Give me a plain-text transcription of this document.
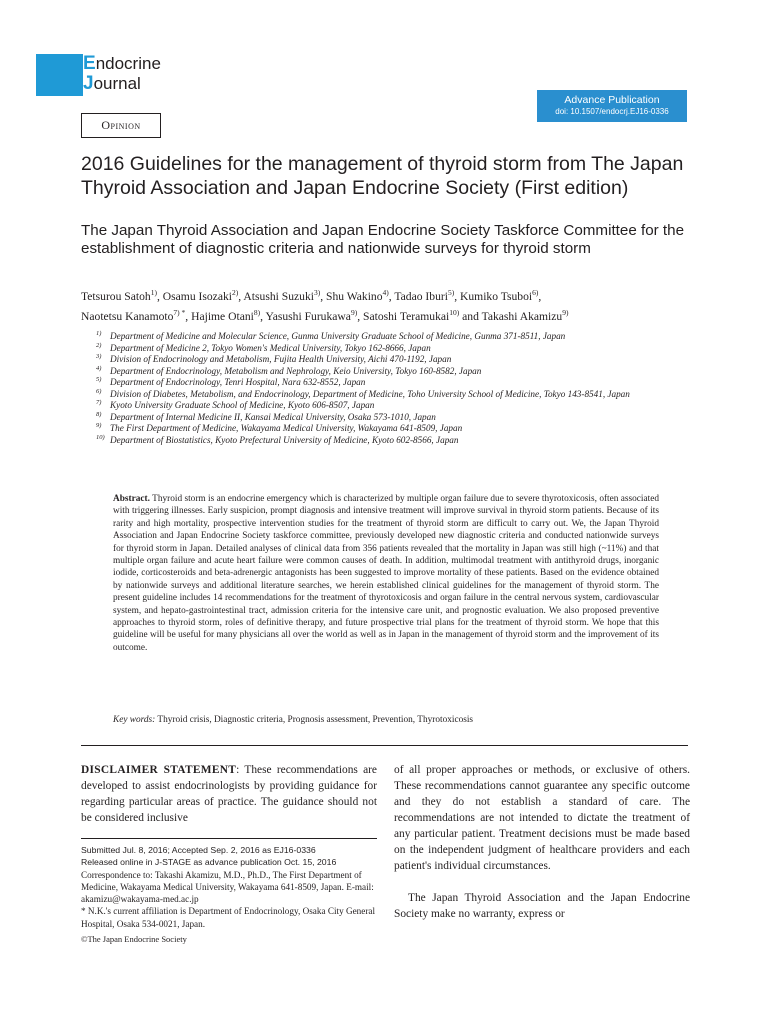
Endocrine
Journal
Advance Publication
doi: 10.1507/endocrj.EJ16-0336
Opinion
2016 Guidelines for the management of thyroid storm from The Japan Thyroid Association and Japan Endocrine Society (First edition)
The Japan Thyroid Association and Japan Endocrine Society Taskforce Committee for the establishment of diagnostic criteria and nationwide surveys for thyroid storm
Tetsurou Satoh$^{1)}$, Osamu Isozaki$^{2)}$, Atsushi Suzuki$^{3)}$, Shu Wakino$^{4)}$, Tadao Iburi$^{5)}$, Kumiko Tsuboi$^{6)}$,
Naotetsu Kanamoto$^{7) *}$, Hajime Otani$^{8)}$, Yasushi Furukawa$^{9)}$, Satoshi Teramukai$^{10)}$ and Takashi Akamizu$^{9)}$
1) Department of Medicine and Molecular Science, Gunma University Graduate School of Medicine, Gunma 371-8511, Japan
2) Department of Medicine 2, Tokyo Women's Medical University, Tokyo 162-8666, Japan
3) Division of Endocrinology and Metabolism, Fujita Health University, Aichi 470-1192, Japan
4) Department of Endocrinology, Metabolism and Nephrology, Keio University, Tokyo 160-8582, Japan
5) Department of Endocrinology, Tenri Hospital, Nara 632-8552, Japan
6) Division of Diabetes, Metabolism, and Endocrinology, Department of Medicine, Toho University School of Medicine, Tokyo 143-8541, Japan
7) Kyoto University Graduate School of Medicine, Kyoto 606-8507, Japan
8) Department of Internal Medicine II, Kansai Medical University, Osaka 573-1010, Japan
9) The First Department of Medicine, Wakayama Medical University, Wakayama 641-8509, Japan
10) Department of Biostatistics, Kyoto Prefectural University of Medicine, Kyoto 602-8566, Japan
Abstract. Thyroid storm is an endocrine emergency which is characterized by multiple organ failure due to severe thyrotoxicosis, often associated with triggering illnesses. Early suspicion, prompt diagnosis and intensive treatment will improve survival in thyroid storm patients. Because of its rarity and high mortality, prospective intervention studies for the treatment of thyroid storm are difficult to carry out. We, the Japan Thyroid Association and Japan Endocrine Society taskforce committee, previously developed new diagnostic criteria and conducted nationwide surveys for thyroid storm in Japan. Detailed analyses of clinical data from 356 patients revealed that the mortality in Japan was still high (~11%) and that multiple organ failure and acute heart failure were common causes of death. In addition, multimodal treatment with antithyroid drugs, inorganic iodide, corticosteroids and beta-adrenergic antagonists has been suggested to improve mortality of these patients. Based on the evidence obtained by nationwide surveys and additional literature searches, we herein established clinical guidelines for the management of thyroid storm. The present guideline includes 14 recommendations for the treatment of thyrotoxicosis and organ failure in the central nervous system, cardiovascular system, and hepato-gastrointestinal tract, admission criteria for the intensive care unit, and prognostic evaluation. We also proposed preventive approaches to thyroid storm, roles of definitive therapy, and future prospective trial plans for the treatment of thyroid storm. We hope that this guideline will be useful for many physicians all over the world as well as in Japan in the management of thyroid storm and the improvement of its outcome.
Key words: Thyroid crisis, Diagnostic criteria, Prognosis assessment, Prevention, Thyrotoxicosis
DISCLAIMER STATEMENT: These recommendations are developed to assist endocrinologists by providing guidance for regarding particular areas of practice. The guidance should not be considered inclusive

Submitted Jul. 8, 2016; Accepted Sep. 2, 2016 as EJ16-0336

Released online in J-STAGE as advance publication Oct. 15, 2016

Correspondence to: Takashi Akamizu, M.D., Ph.D., The First Department of Medicine, Wakayama Medical University, Wakayama 641-8509, Japan. E-mail: akamizu@wakayama-med.ac.jp

* N.K.'s current affiliation is Department of Endocrinology, Osaka City General Hospital, Osaka 534-0021, Japan.

©The Japan Endocrine Society

of all proper approaches or methods, or exclusive of others. These recommendations cannot guarantee any specific outcome and they do not establish a standard of care. The recommendations are not intended to dictate the treatment of any particular patient. Treatment decisions must be made based on the independent judgment of healthcare providers and each patient's individual circumstances.

The Japan Thyroid Association and the Japan Endocrine Society make no warranty, express or
